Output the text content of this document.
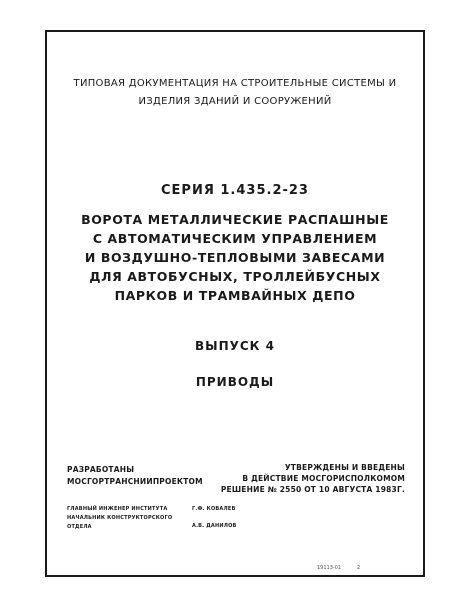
ТИПОВАЯ ДОКУМЕНТАЦИЯ НА СТРОИТЕЛЬНЫЕ СИСТЕМЫ И
ИЗДЕЛИЯ ЗДАНИЙ И СООРУЖЕНИЙ
СЕРИЯ 1.435.2-23
ВОРОТА МЕТАЛЛИЧЕСКИЕ РАСПАШНЫЕ
С АВТОМАТИЧЕСКИМ УПРАВЛЕНИЕМ
И ВОЗДУШНО-ТЕПЛОВЫМИ ЗАВЕСАМИ
ДЛЯ АВТОБУСНЫХ, ТРОЛЛЕЙБУСНЫХ
ПАРКОВ И ТРАМВАЙНЫХ ДЕПО
ВЫПУСК 4
ПРИВОДЫ
РАЗРАБОТАНЫ
МОСГОРТРАНСНИИПРОЕКТОМ
УТВЕРЖДЕНЫ И ВВЕДЕНЫ
В ДЕЙСТВИЕ МОСГОРИСПОЛКОМОМ
РЕШЕНИЕ № 2550 ОТ 10 АВГУСТА 1983Г.
ГЛАВНЫЙ ИНЖЕНЕР ИНСТИТУТА
НАЧАЛЬНИК КОНСТРУКТОРСКОГО
ОТДЕЛА
Г.Ф. КОВАЛЕВ
А.В. ДАНИЛОВ
19113-01	2
